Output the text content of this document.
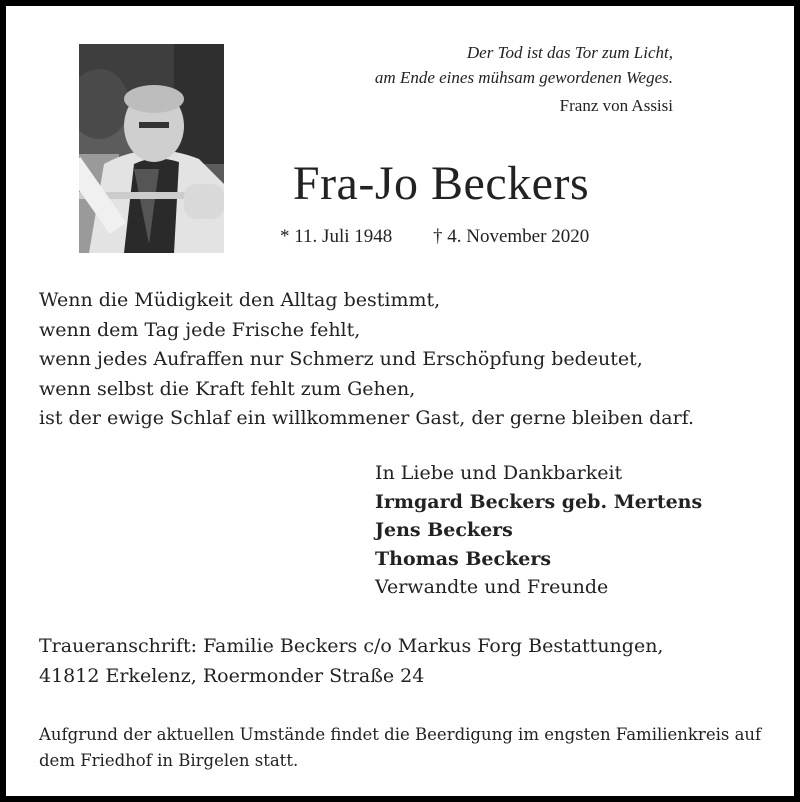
Der Tod ist das Tor zum Licht,
am Ende eines mühsam gewordenen Weges.
Franz von Assisi
Fra-Jo Beckers
* 11. Juli 1948 † 4. November 2020
Wenn die Müdigkeit den Alltag bestimmt,
wenn dem Tag jede Frische fehlt,
wenn jedes Aufraffen nur Schmerz und Erschöpfung bedeutet,
wenn selbst die Kraft fehlt zum Gehen,
ist der ewige Schlaf ein willkommener Gast, der gerne bleiben darf.
In Liebe und Dankbarkeit
Irmgard Beckers geb. Mertens
Jens Beckers
Thomas Beckers
Verwandte und Freunde
Traueranschrift: Familie Beckers c/o Markus Forg Bestattungen,
41812 Erkelenz, Roermonder Straße 24
Aufgrund der aktuellen Umstände findet die Beerdigung im engsten Familienkreis auf
dem Friedhof in Birgelen statt.
